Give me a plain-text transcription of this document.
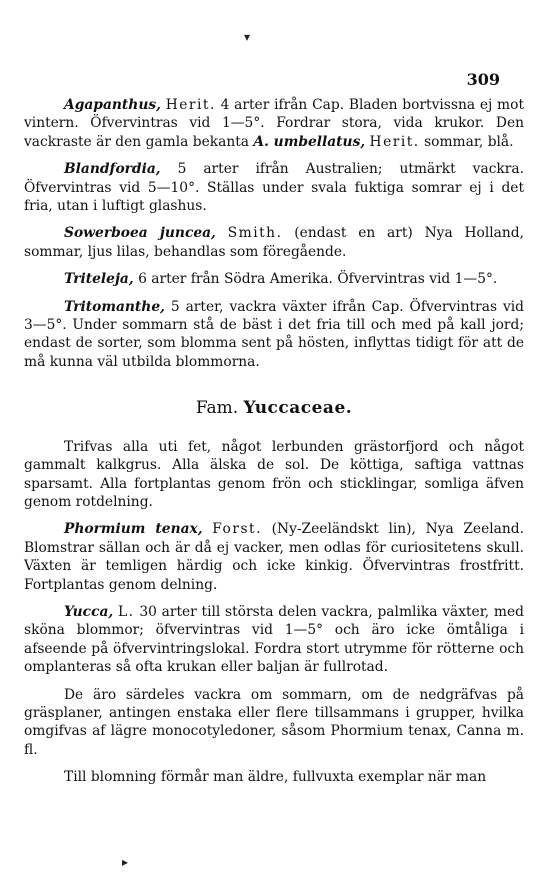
309

Agapanthus, Herit. 4 arter ifrån Cap. Bladen bortvissna ej mot vintern. Öfvervintras vid 1—5°. Fordrar stora, vida krukor. Den vackraste är den gamla bekanta A. umbellatus, Herit. sommar, blå.

Blandfordia, 5 arter ifrån Australien; utmärkt vackra. Öfvervintras vid 5—10°. Ställas under svala fuktiga somrar ej i det fria, utan i luftigt glashus.

Sowerboea juncea, Smith. (endast en art) Nya Holland, sommar, ljus lilas, behandlas som föregående.

Triteleja, 6 arter från Södra Amerika. Öfvervintras vid 1—5°.

Tritomanthe, 5 arter, vackra växter ifrån Cap. Öfvervintras vid 3—5°. Under sommarn stå de bäst i det fria till och med på kall jord; endast de sorter, som blomma sent på hösten, inflyttas tidigt för att de må kunna väl utbilda blommorna.

Fam. Yuccaceae.

Trifvas alla uti fet, något lerbunden grästorfjord och något gammalt kalkgrus. Alla älska de sol. De köttiga, saftiga vattnas sparsamt. Alla fortplantas genom frön och sticklingar, somliga äfven genom rotdelning.

Phormium tenax, Forst. (Ny-Zeeländskt lin), Nya Zeeland. Blomstrar sällan och är då ej vacker, men odlas för curiositetens skull. Växten är temligen härdig och icke kinkig. Öfvervintras frostfritt. Fortplantas genom delning.

Yucca, L. 30 arter till största delen vackra, palmlika växter, med sköna blommor; öfvervintras vid 1—5° och äro icke ömtåliga i afseende på öfvervintringslokal. Fordra stort utrymme för rötterne och omplanteras så ofta krukan eller baljan är fullrotad.

De äro särdeles vackra om sommarn, om de nedgräfvas på gräsplaner, antingen enstaka eller flere tillsammans i grupper, hvilka omgifvas af lägre monocotyledoner, såsom Phormium tenax, Canna m. fl.

Till blomning förmår man äldre, fullvuxta exemplar när man

▾
▸
